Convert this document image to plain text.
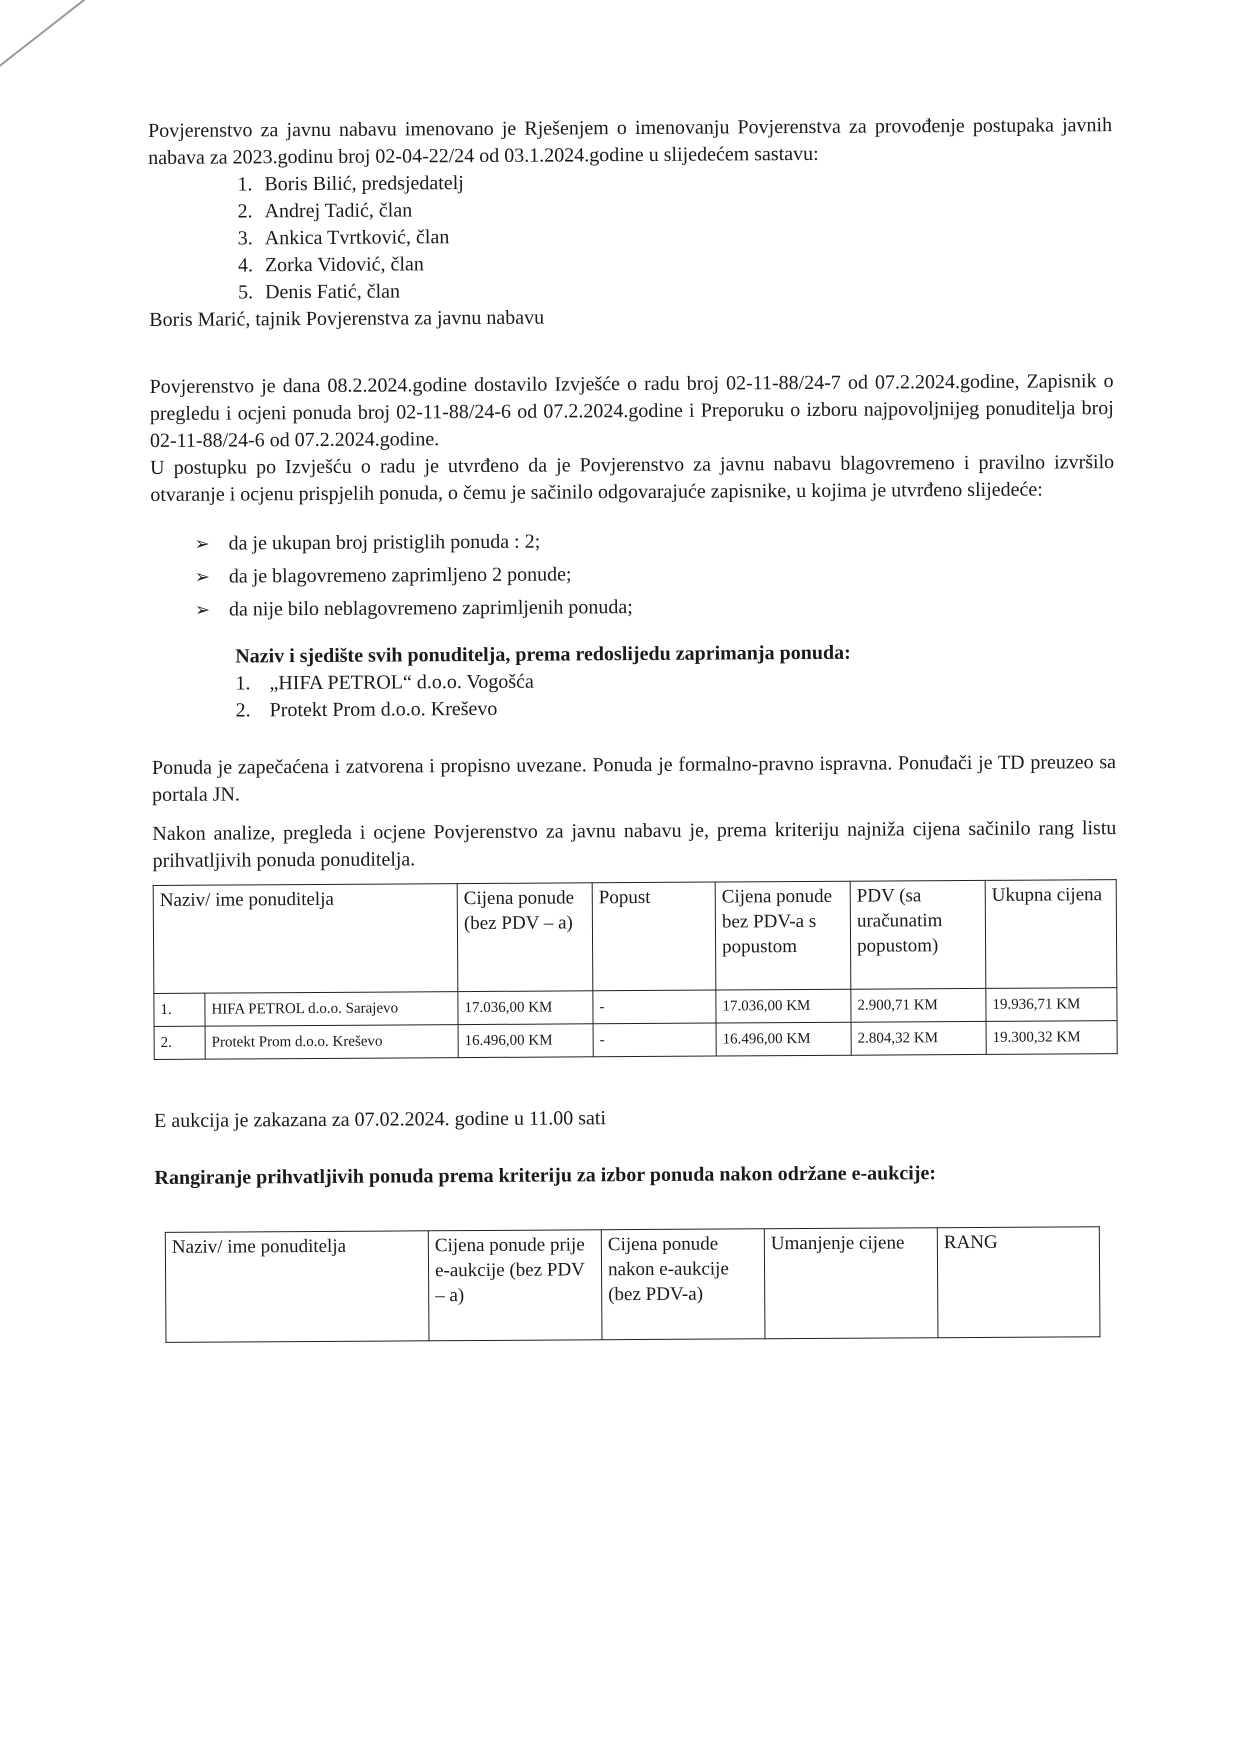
Povjerenstvo za javnu nabavu imenovano je Rješenjem o imenovanju Povjerenstva za provođenje postupaka javnih nabava za 2023.godinu broj 02-04-22/24 od 03.1.2024.godine u slijedećem sastavu:

1. Boris Bilić, predsjedatelj
2. Andrej Tadić, član
3. Ankica Tvrtković, član
4. Zorka Vidović, član
5. Denis Fatić, član

Boris Marić, tajnik Povjerenstva za javnu nabavu

Povjerenstvo je dana 08.2.2024.godine dostavilo Izvješće o radu broj 02-11-88/24-7 od 07.2.2024.godine, Zapisnik o pregledu i ocjeni ponuda broj 02-11-88/24-6 od 07.2.2024.godine i Preporuku o izboru najpovoljnijeg ponuditelja broj 02-11-88/24-6 od 07.2.2024.godine.

U postupku po Izvješću o radu je utvrđeno da je Povjerenstvo za javnu nabavu blagovremeno i pravilno izvršilo otvaranje i ocjenu prispjelih ponuda, o čemu je sačinilo odgovarajuće zapisnike, u kojima je utvrđeno slijedeće:

➢ da je ukupan broj pristiglih ponuda : 2;
➢ da je blagovremeno zaprimljeno 2 ponude;
➢ da nije bilo neblagovremeno zaprimljenih ponuda;
Naziv i sjedište svih ponuditelja, prema redoslijedu zaprimanja ponuda:
1. „HIFA PETROL“ d.o.o. Vogošća
2. Protekt Prom d.o.o. Kreševo

Ponuda je zapečaćena i zatvorena i propisno uvezane. Ponuda je formalno-pravno ispravna. Ponuđači je TD preuzeo sa portala JN.

Nakon analize, pregleda i ocjene Povjerenstvo za javnu nabavu je, prema kriteriju najniža cijena sačinilo rang listu prihvatljivih ponuda ponuditelja.

Naziv/ ime ponuditelja		Cijena ponude (bez PDV – a)	Popust	Cijena ponude bez PDV-a s popustom	PDV (sa uračunatim popustom)	Ukupna cijena
1.	HIFA PETROL d.o.o. Sarajevo	17.036,00 KM	-	17.036,00 KM	2.900,71 KM	19.936,71 KM
2.	Protekt Prom d.o.o. Kreševo	16.496,00 KM	-	16.496,00 KM	2.804,32 KM	19.300,32 KM

E aukcija je zakazana za 07.02.2024. godine u 11.00 sati

Rangiranje prihvatljivih ponuda prema kriteriju za izbor ponuda nakon održane e-aukcije:

Naziv/ ime ponuditelja	Cijena ponude prije e-aukcije (bez PDV – a)	Cijena ponude nakon e-aukcije (bez PDV-a)	Umanjenje cijene	RANG
